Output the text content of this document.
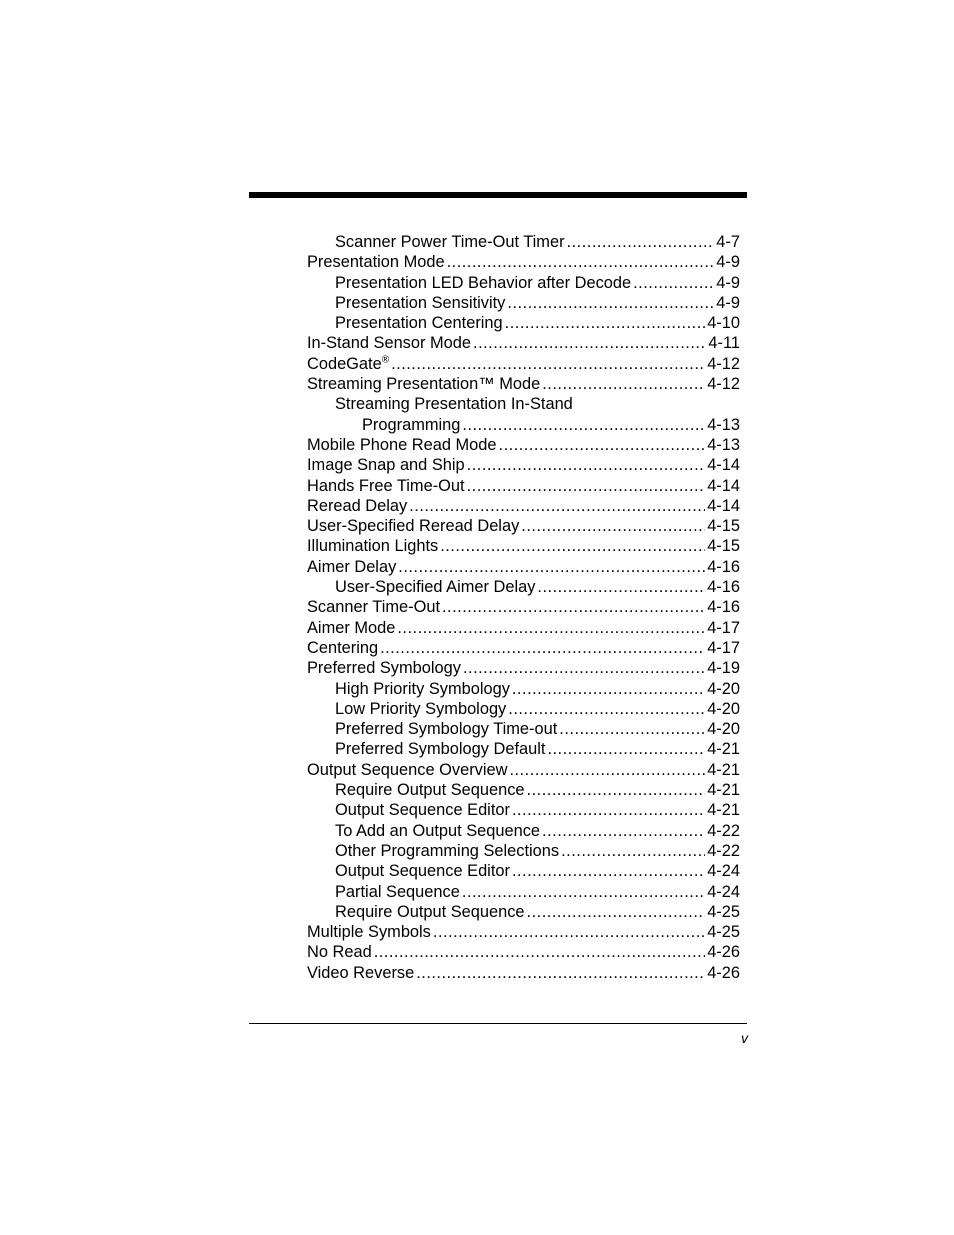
Scanner Power Time-Out Timer .....	4-7
Presentation Mode .....	4-9
Presentation LED Behavior after Decode .....	4-9
Presentation Sensitivity .....	4-9
Presentation Centering .....	4-10
In-Stand Sensor Mode .....	4-11
CodeGate® .....	4-12
Streaming Presentation™ Mode .....	4-12
Streaming Presentation In-Stand
Programming .....	4-13
Mobile Phone Read Mode .....	4-13
Image Snap and Ship .....	4-14
Hands Free Time-Out .....	4-14
Reread Delay .....	4-14
User-Specified Reread Delay .....	4-15
Illumination Lights .....	4-15
Aimer Delay .....	4-16
User-Specified Aimer Delay .....	4-16
Scanner Time-Out .....	4-16
Aimer Mode .....	4-17
Centering .....	4-17
Preferred Symbology .....	4-19
High Priority Symbology .....	4-20
Low Priority Symbology .....	4-20
Preferred Symbology Time-out .....	4-20
Preferred Symbology Default .....	4-21
Output Sequence Overview .....	4-21
Require Output Sequence .....	4-21
Output Sequence Editor .....	4-21
To Add an Output Sequence .....	4-22
Other Programming Selections .....	4-22
Output Sequence Editor .....	4-24
Partial Sequence .....	4-24
Require Output Sequence .....	4-25
Multiple Symbols .....	4-25
No Read .....	4-26
Video Reverse .....	4-26
v
